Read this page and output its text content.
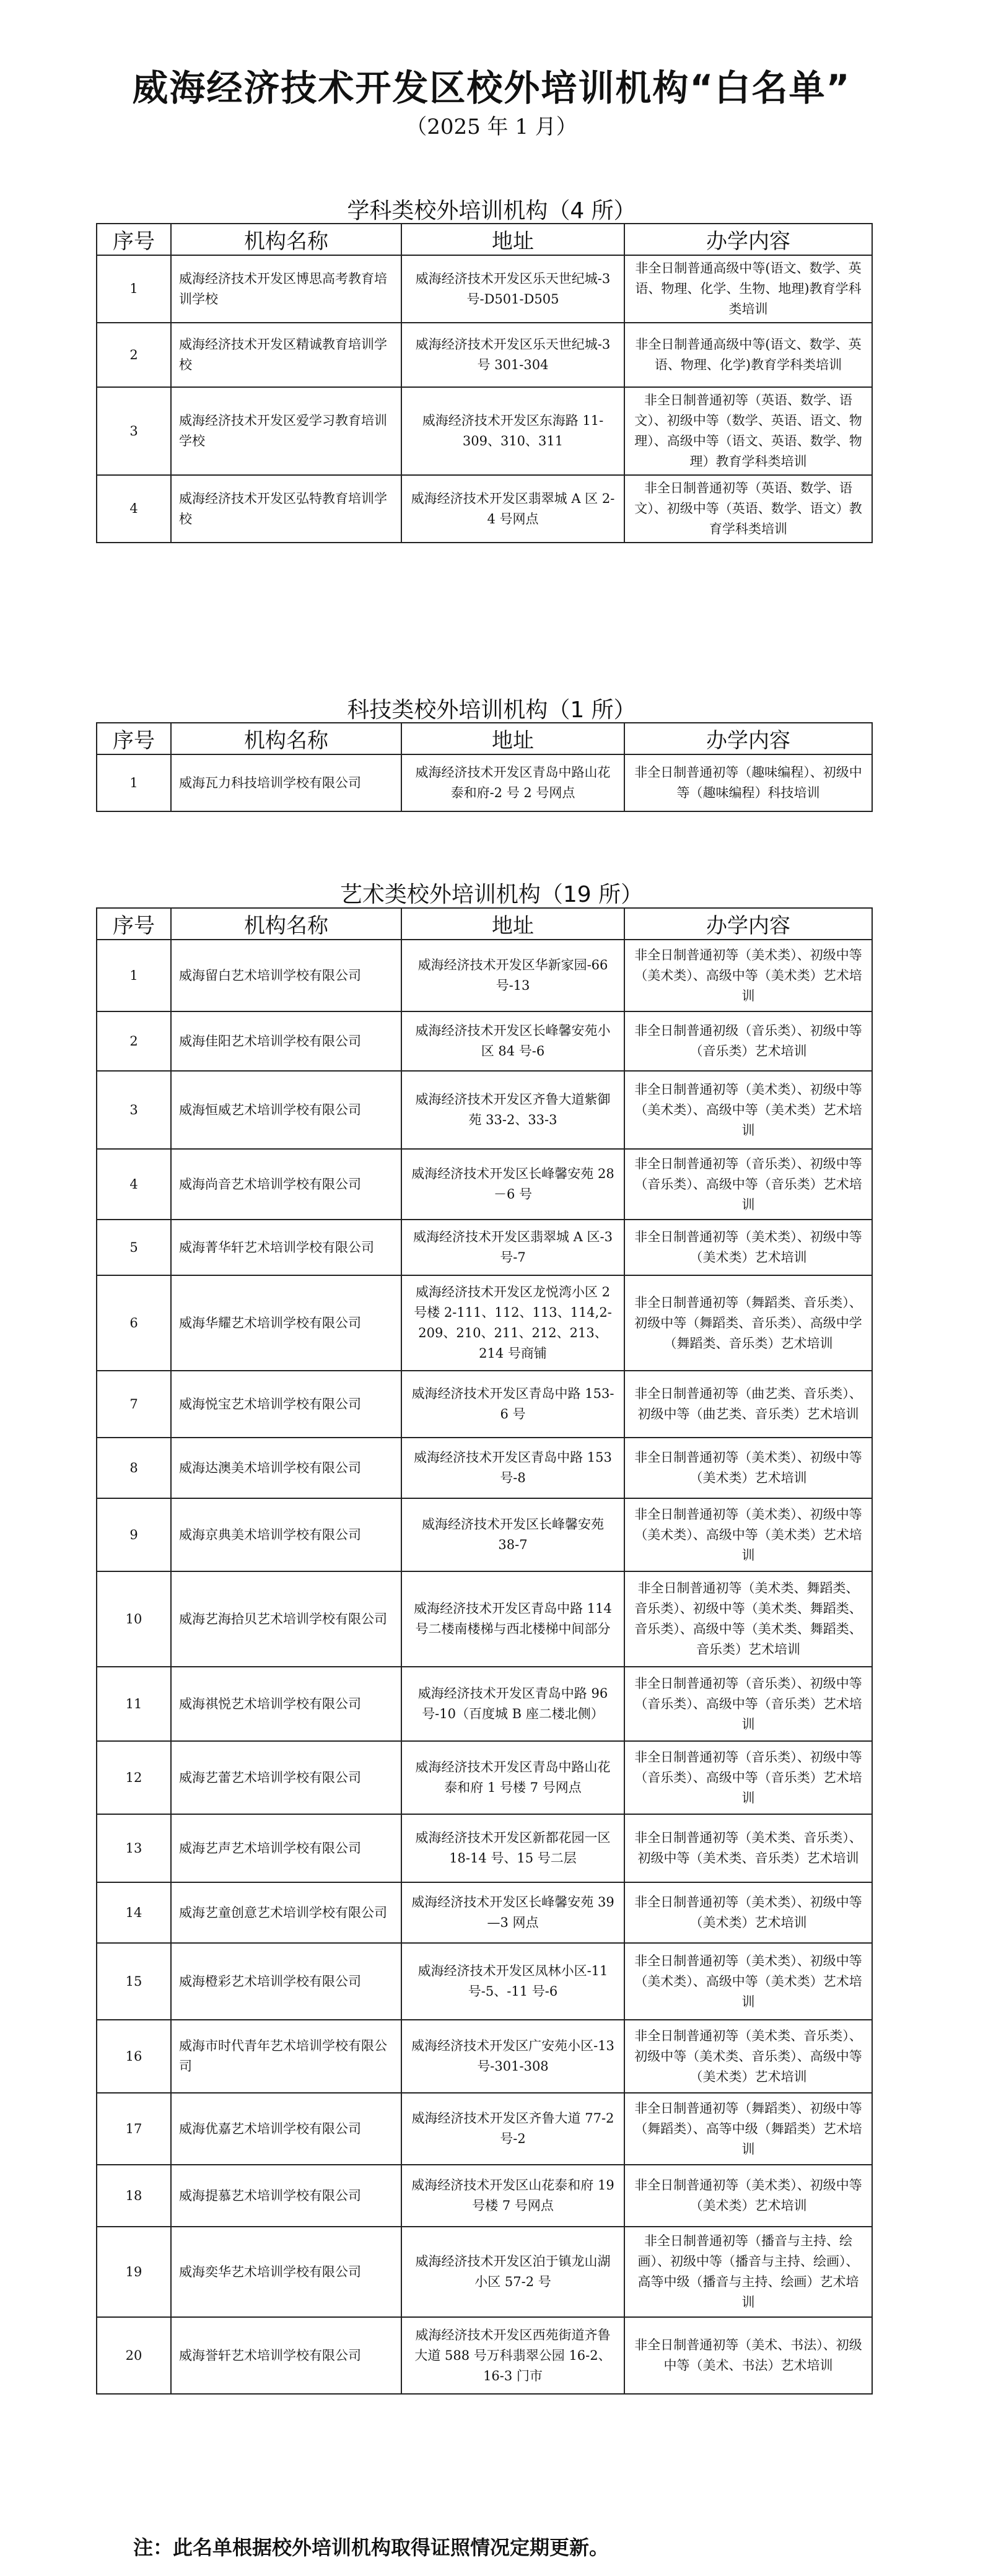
威海经济技术开发区校外培训机构“白名单”
（2025 年 1 月）
学科类校外培训机构（4 所）
序号	机构名称	地址	办学内容
1	威海经济技术开发区博思高考教育培训学校	威海经济技术开发区乐天世纪城-3 号-D501-D505	非全日制普通高级中等(语文、数学、英语、物理、化学、生物、地理)教育学科类培训
2	威海经济技术开发区精诚教育培训学校	威海经济技术开发区乐天世纪城-3 号 301-304	非全日制普通高级中等(语文、数学、英语、物理、化学)教育学科类培训
3	威海经济技术开发区爱学习教育培训学校	威海经济技术开发区东海路 11-309、310、311	非全日制普通初等（英语、数学、语文）、初级中等（数学、英语、语文、物理）、高级中等（语文、英语、数学、物理）教育学科类培训
4	威海经济技术开发区弘特教育培训学校	威海经济技术开发区翡翠城 A 区 2-4 号网点	非全日制普通初等（英语、数学、语文）、初级中等（英语、数学、语文）教育学科类培训
科技类校外培训机构（1 所）
序号	机构名称	地址	办学内容
1	威海瓦力科技培训学校有限公司	威海经济技术开发区青岛中路山花泰和府-2 号 2 号网点	非全日制普通初等（趣味编程）、初级中等（趣味编程）科技培训
艺术类校外培训机构（19 所）
序号	机构名称	地址	办学内容
1	威海留白艺术培训学校有限公司	威海经济技术开发区华新家园-66 号-13	非全日制普通初等（美术类）、初级中等（美术类）、高级中等（美术类）艺术培训
2	威海佳阳艺术培训学校有限公司	威海经济技术开发区长峰馨安苑小区 84 号-6	非全日制普通初级（音乐类）、初级中等（音乐类）艺术培训
3	威海恒威艺术培训学校有限公司	威海经济技术开发区齐鲁大道紫御苑 33-2、33-3	非全日制普通初等（美术类）、初级中等（美术类）、高级中等（美术类）艺术培训
4	威海尚音艺术培训学校有限公司	威海经济技术开发区长峰馨安苑 28－6 号	非全日制普通初等（音乐类）、初级中等（音乐类）、高级中等（音乐类）艺术培训
5	威海菁华轩艺术培训学校有限公司	威海经济技术开发区翡翠城 A 区-3 号-7	非全日制普通初等（美术类）、初级中等（美术类）艺术培训
6	威海华耀艺术培训学校有限公司	威海经济技术开发区龙悦湾小区 2 号楼 2-111、112、113、114,2-209、210、211、212、213、214 号商铺	非全日制普通初等（舞蹈类、音乐类）、初级中等（舞蹈类、音乐类）、高级中学（舞蹈类、音乐类）艺术培训
7	威海悦宝艺术培训学校有限公司	威海经济技术开发区青岛中路 153-6 号	非全日制普通初等（曲艺类、音乐类）、初级中等（曲艺类、音乐类）艺术培训
8	威海达澳美术培训学校有限公司	威海经济技术开发区青岛中路 153 号-8	非全日制普通初等（美术类）、初级中等（美术类）艺术培训
9	威海京典美术培训学校有限公司	威海经济技术开发区长峰馨安苑 38-7	非全日制普通初等（美术类）、初级中等（美术类）、高级中等（美术类）艺术培训
10	威海艺海拾贝艺术培训学校有限公司	威海经济技术开发区青岛中路 114 号二楼南楼梯与西北楼梯中间部分	非全日制普通初等（美术类、舞蹈类、音乐类）、初级中等（美术类、舞蹈类、音乐类）、高级中等（美术类、舞蹈类、音乐类）艺术培训
11	威海祺悦艺术培训学校有限公司	威海经济技术开发区青岛中路 96 号-10（百度城 B 座二楼北侧）	非全日制普通初等（音乐类）、初级中等（音乐类）、高级中等（音乐类）艺术培训
12	威海艺蕾艺术培训学校有限公司	威海经济技术开发区青岛中路山花泰和府 1 号楼 7 号网点	非全日制普通初等（音乐类）、初级中等（音乐类）、高级中等（音乐类）艺术培训
13	威海艺声艺术培训学校有限公司	威海经济技术开发区新都花园一区 18-14 号、15 号二层	非全日制普通初等（美术类、音乐类）、初级中等（美术类、音乐类）艺术培训
14	威海艺童创意艺术培训学校有限公司	威海经济技术开发区长峰馨安苑 39—3 网点	非全日制普通初等（美术类）、初级中等（美术类）艺术培训
15	威海橙彩艺术培训学校有限公司	威海经济技术开发区凤林小区-11 号-5、-11 号-6	非全日制普通初等（美术类）、初级中等（美术类）、高级中等（美术类）艺术培训
16	威海市时代青年艺术培训学校有限公司	威海经济技术开发区广安苑小区-13 号-301-308	非全日制普通初等（美术类、音乐类）、初级中等（美术类、音乐类）、高级中等（美术类）艺术培训
17	威海优嘉艺术培训学校有限公司	威海经济技术开发区齐鲁大道 77-2 号-2	非全日制普通初等（舞蹈类）、初级中等（舞蹈类）、高等中级（舞蹈类）艺术培训
18	威海提慕艺术培训学校有限公司	威海经济技术开发区山花泰和府 19 号楼 7 号网点	非全日制普通初等（美术类）、初级中等（美术类）艺术培训
19	威海奕华艺术培训学校有限公司	威海经济技术开发区泊于镇龙山湖小区 57-2 号	非全日制普通初等（播音与主持、绘画）、初级中等（播音与主持、绘画）、高等中级（播音与主持、绘画）艺术培训
20	威海誉轩艺术培训学校有限公司	威海经济技术开发区西苑街道齐鲁大道 588 号万科翡翠公园 16-2、16-3 门市	非全日制普通初等（美术、书法）、初级中等（美术、书法）艺术培训
注：此名单根据校外培训机构取得证照情况定期更新。
